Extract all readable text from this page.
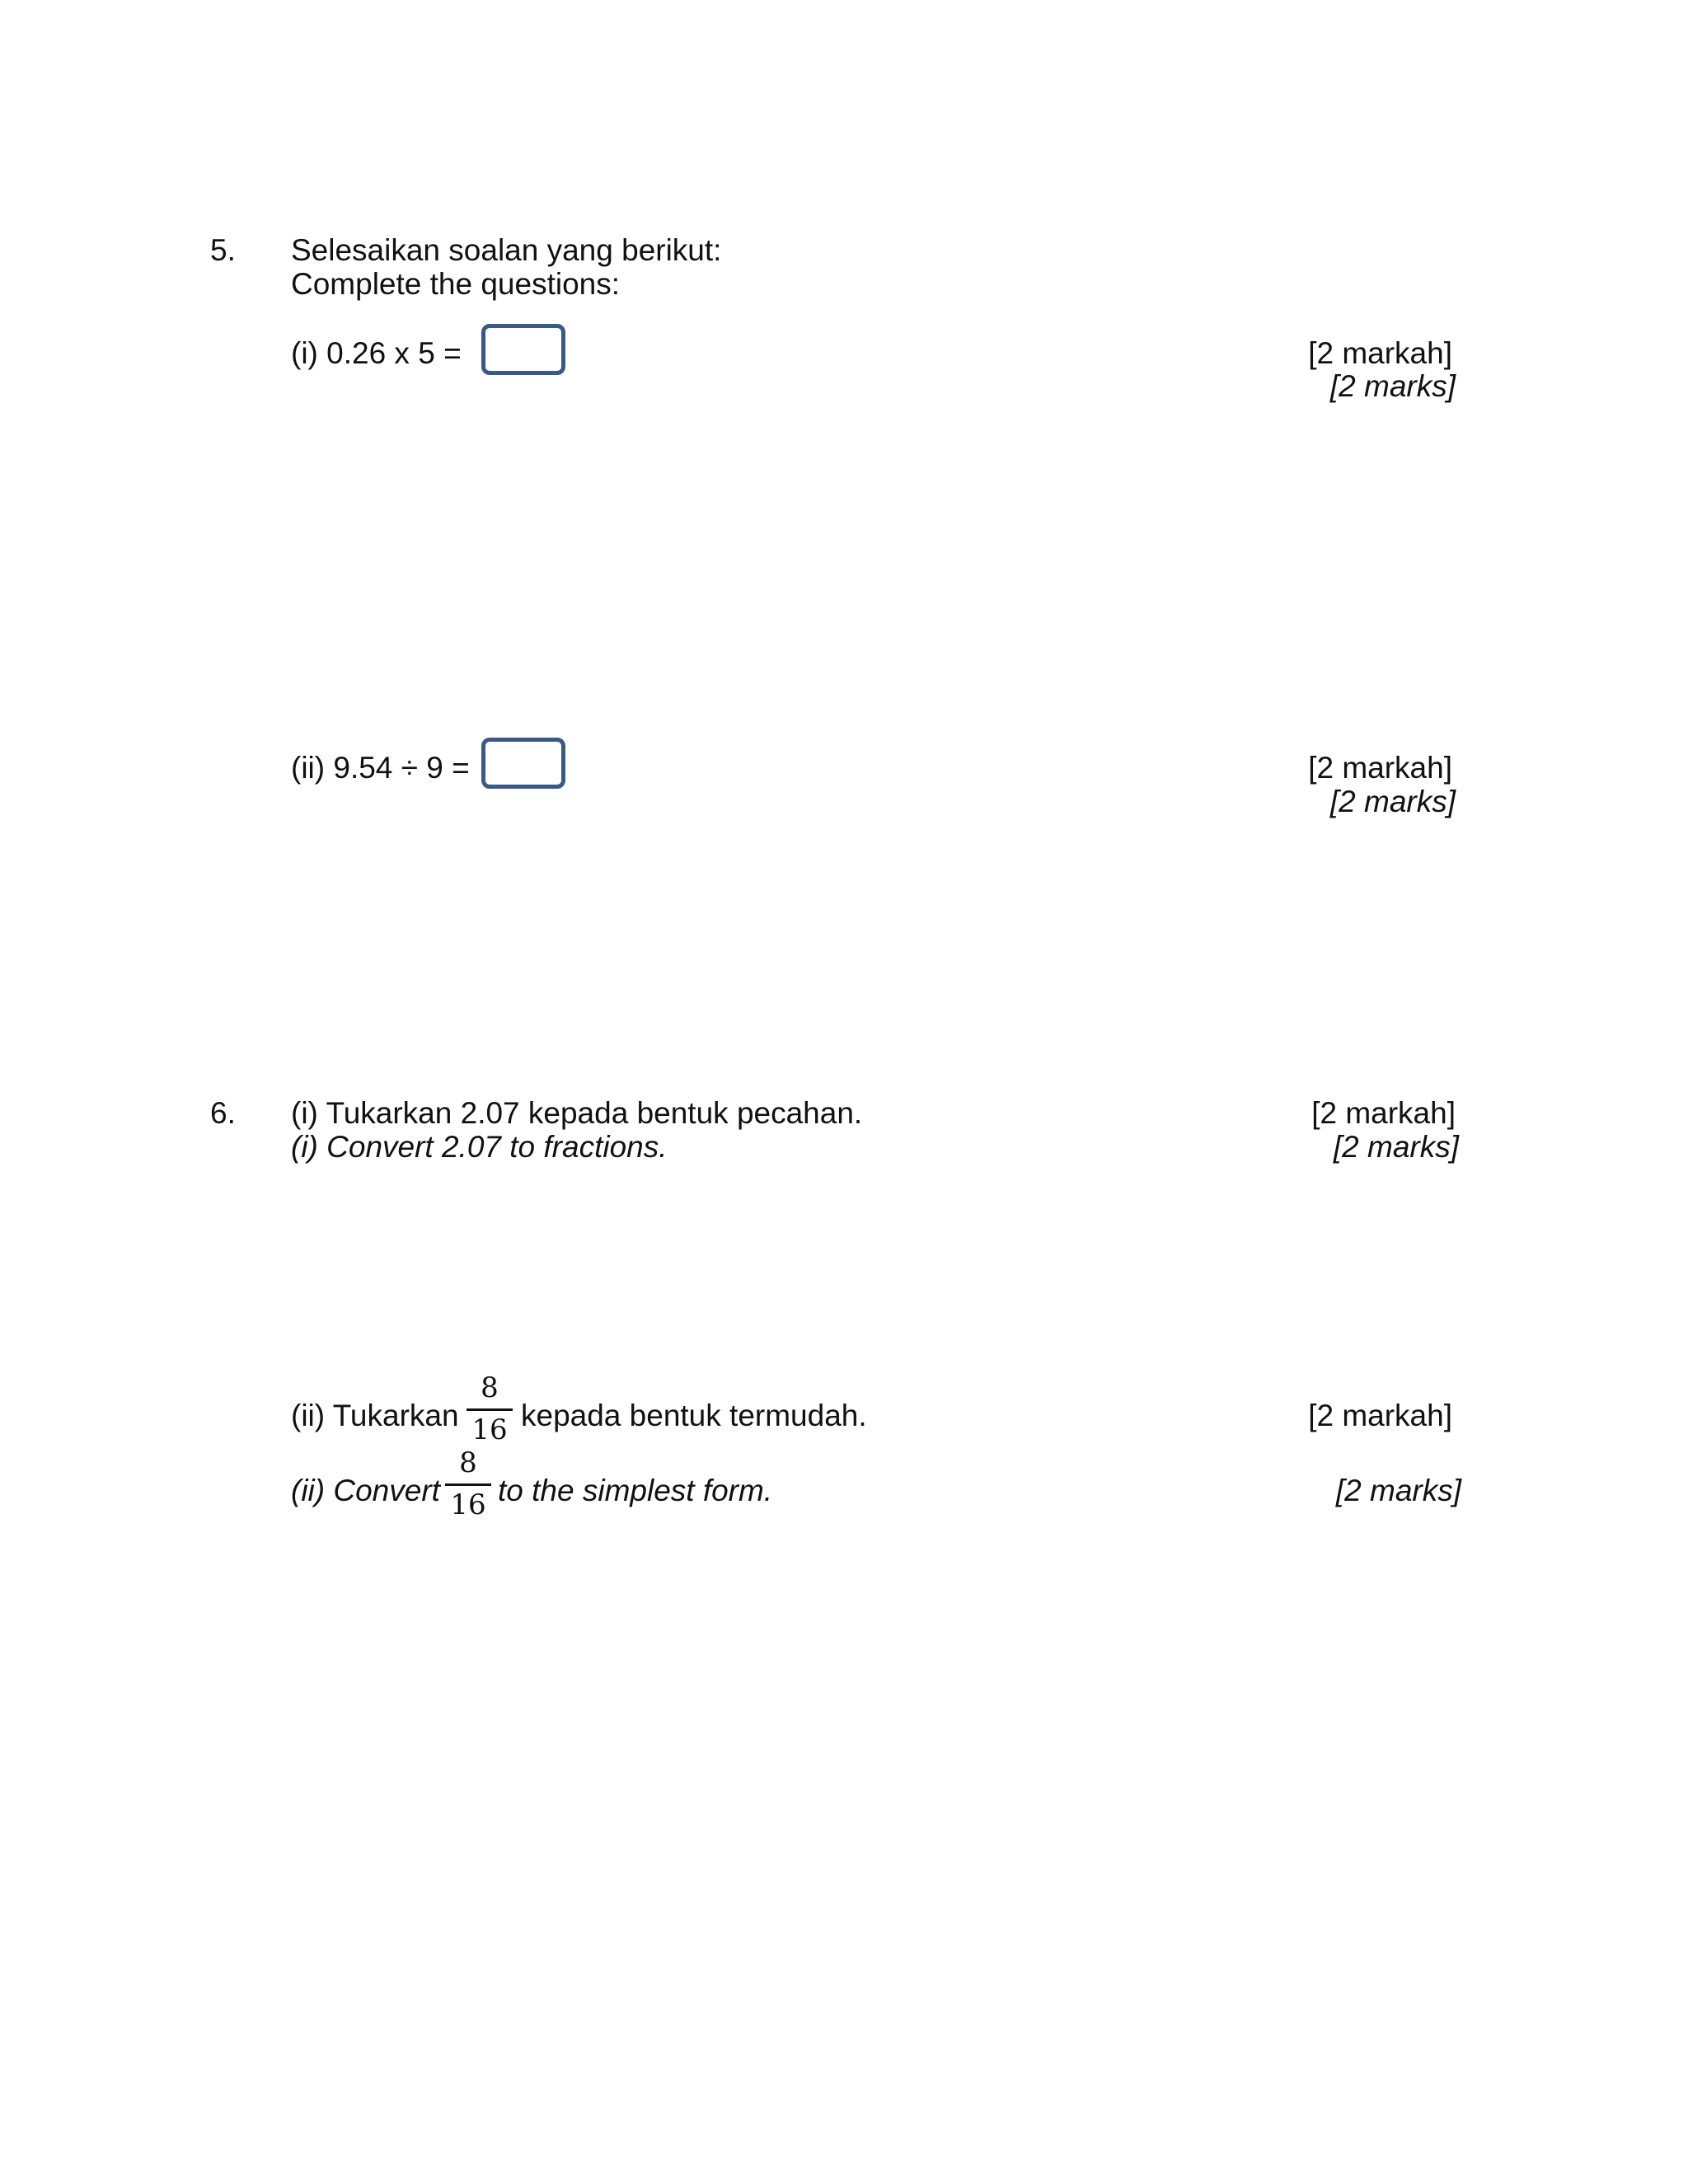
5. Selesaikan soalan yang berikut:
Complete the questions:
(i) 0.26 x 5 =	[2 markah]
[2 marks]
(ii) 9.54 ÷ 9 =	[2 markah]
[2 marks]
6. (i) Tukarkan 2.07 kepada bentuk pecahan.
(i) Convert 2.07 to fractions.
[2 markah]
[2 marks]
(ii) Tukarkan
8
16 kepada bentuk termudah.	[2 markah]
(ii) Convert
8
16 to the simplest form.	[2 marks]
